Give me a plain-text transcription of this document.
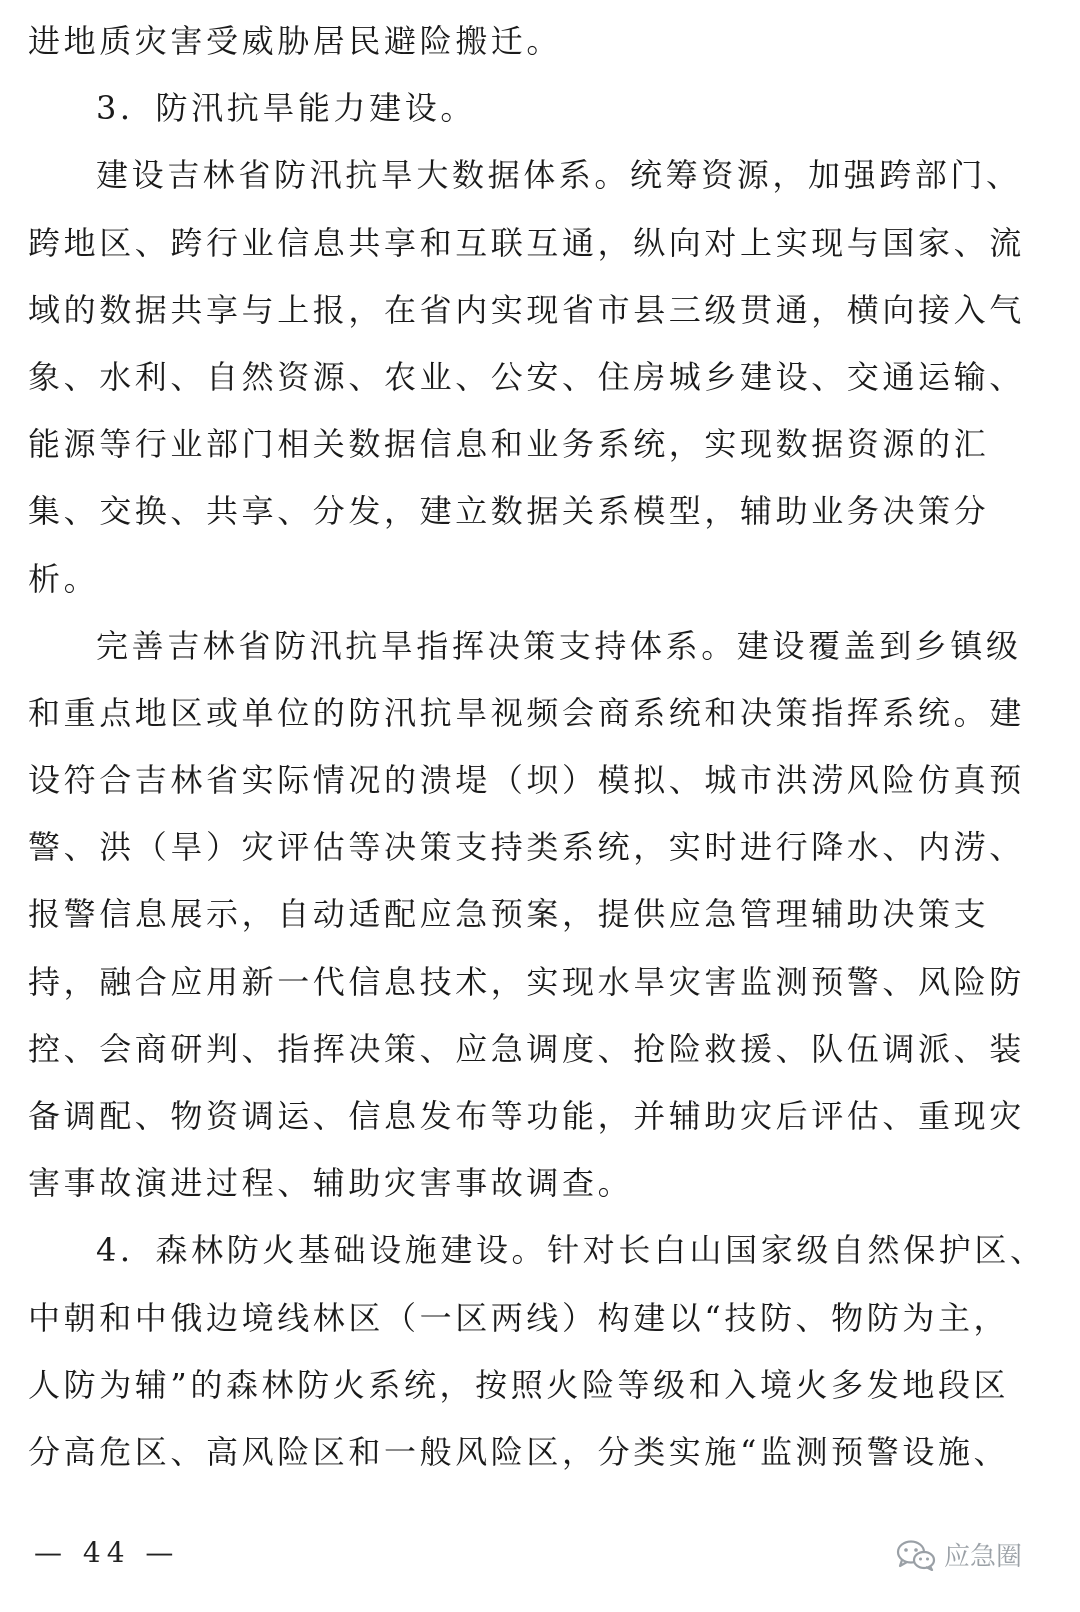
进地质灾害受威胁居民避险搬迁。
3．防汛抗旱能力建设。
建设吉林省防汛抗旱大数据体系。统筹资源，加强跨部门、
跨地区、跨行业信息共享和互联互通，纵向对上实现与国家、流
域的数据共享与上报，在省内实现省市县三级贯通，横向接入气
象、水利、自然资源、农业、公安、住房城乡建设、交通运输、
能源等行业部门相关数据信息和业务系统，实现数据资源的汇
集、交换、共享、分发，建立数据关系模型，辅助业务决策分
析。
完善吉林省防汛抗旱指挥决策支持体系。建设覆盖到乡镇级
和重点地区或单位的防汛抗旱视频会商系统和决策指挥系统。建
设符合吉林省实际情况的溃堤（坝）模拟、城市洪涝风险仿真预
警、洪（旱）灾评估等决策支持类系统，实时进行降水、内涝、
报警信息展示，自动适配应急预案，提供应急管理辅助决策支
持，融合应用新一代信息技术，实现水旱灾害监测预警、风险防
控、会商研判、指挥决策、应急调度、抢险救援、队伍调派、装
备调配、物资调运、信息发布等功能，并辅助灾后评估、重现灾
害事故演进过程、辅助灾害事故调查。
4．森林防火基础设施建设。针对长白山国家级自然保护区、
中朝和中俄边境线林区（一区两线）构建以“技防、物防为主，
人防为辅”的森林防火系统，按照火险等级和入境火多发地段区
分高危区、高风险区和一般风险区，分类实施“监测预警设施、
— 44 —	应急圈
